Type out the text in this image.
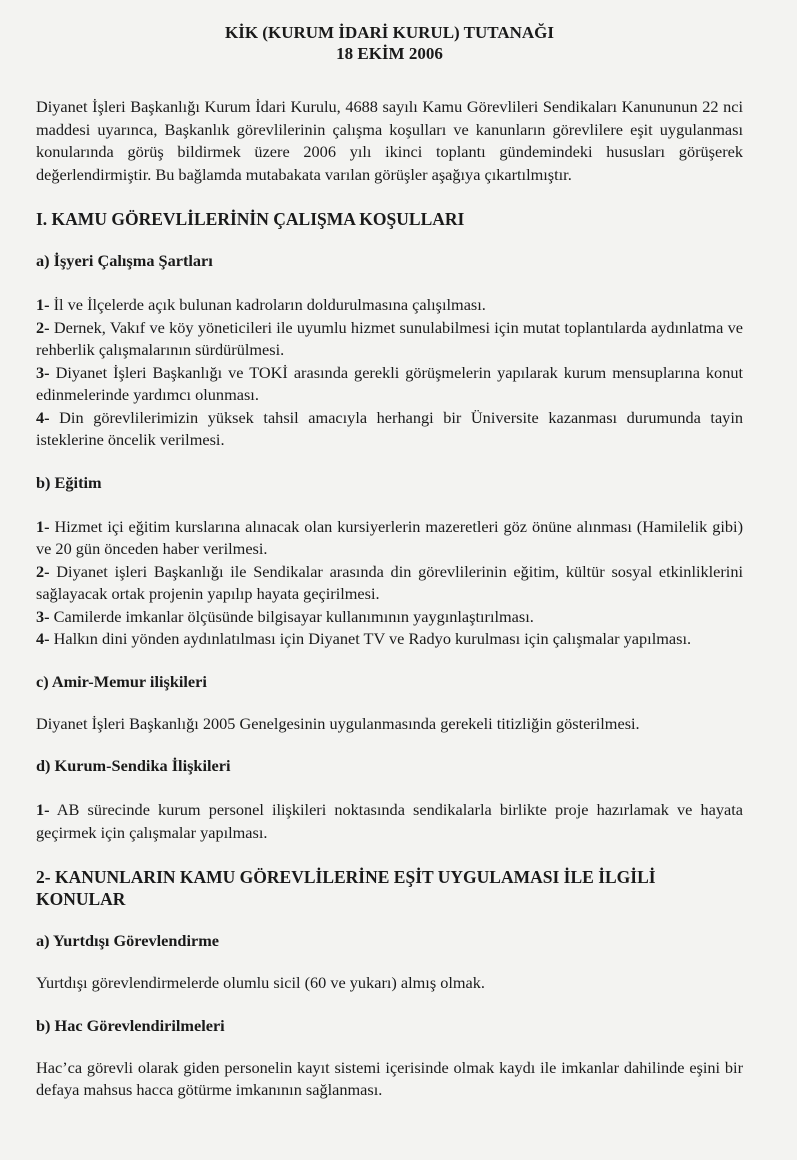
KİK (KURUM İDARİ KURUL) TUTANAĞI

18 EKİM 2006

Diyanet İşleri Başkanlığı Kurum İdari Kurulu, 4688 sayılı Kamu Görevlileri Sendikaları Kanununun 22 nci maddesi uyarınca, Başkanlık görevlilerinin çalışma koşulları ve kanunların görevlilere eşit uygulanması konularında görüş bildirmek üzere 2006 yılı ikinci toplantı gündemindeki hususları görüşerek değerlendirmiştir. Bu bağlamda mutabakata varılan görüşler aşağıya çıkartılmıştır.

I. KAMU GÖREVLİLERİNİN ÇALIŞMA KOŞULLARI

a) İşyeri Çalışma Şartları

1- İl ve İlçelerde açık bulunan kadroların doldurulmasına çalışılması.

2- Dernek, Vakıf ve köy yöneticileri ile uyumlu hizmet sunulabilmesi için mutat toplantılarda aydınlatma ve rehberlik çalışmalarının sürdürülmesi.

3- Diyanet İşleri Başkanlığı ve TOKİ arasında gerekli görüşmelerin yapılarak kurum mensuplarına konut edinmelerinde yardımcı olunması.

4- Din görevlilerimizin yüksek tahsil amacıyla herhangi bir Üniversite kazanması durumunda tayin isteklerine öncelik verilmesi.

b) Eğitim

1- Hizmet içi eğitim kurslarına alınacak olan kursiyerlerin mazeretleri göz önüne alınması (Hamilelik gibi) ve 20 gün önceden haber verilmesi.

2- Diyanet işleri Başkanlığı ile Sendikalar arasında din görevlilerinin eğitim, kültür sosyal etkinliklerini sağlayacak ortak projenin yapılıp hayata geçirilmesi.

3- Camilerde imkanlar ölçüsünde bilgisayar kullanımının yaygınlaştırılması.

4- Halkın dini yönden aydınlatılması için Diyanet TV ve Radyo kurulması için çalışmalar yapılması.

c) Amir-Memur ilişkileri

Diyanet İşleri Başkanlığı 2005 Genelgesinin uygulanmasında gerekeli titizliğin gösterilmesi.

d) Kurum-Sendika İlişkileri

1- AB sürecinde kurum personel ilişkileri noktasında sendikalarla birlikte proje hazırlamak ve hayata geçirmek için çalışmalar yapılması.

2- KANUNLARIN KAMU GÖREVLİLERİNE EŞİT UYGULAMASI İLE İLGİLİ KONULAR

a) Yurtdışı Görevlendirme

Yurtdışı görevlendirmelerde olumlu sicil (60 ve yukarı) almış olmak.

b) Hac Görevlendirilmeleri

Hac’ca görevli olarak giden personelin kayıt sistemi içerisinde olmak kaydı ile imkanlar dahilinde eşini bir defaya mahsus hacca götürme imkanının sağlanması.
